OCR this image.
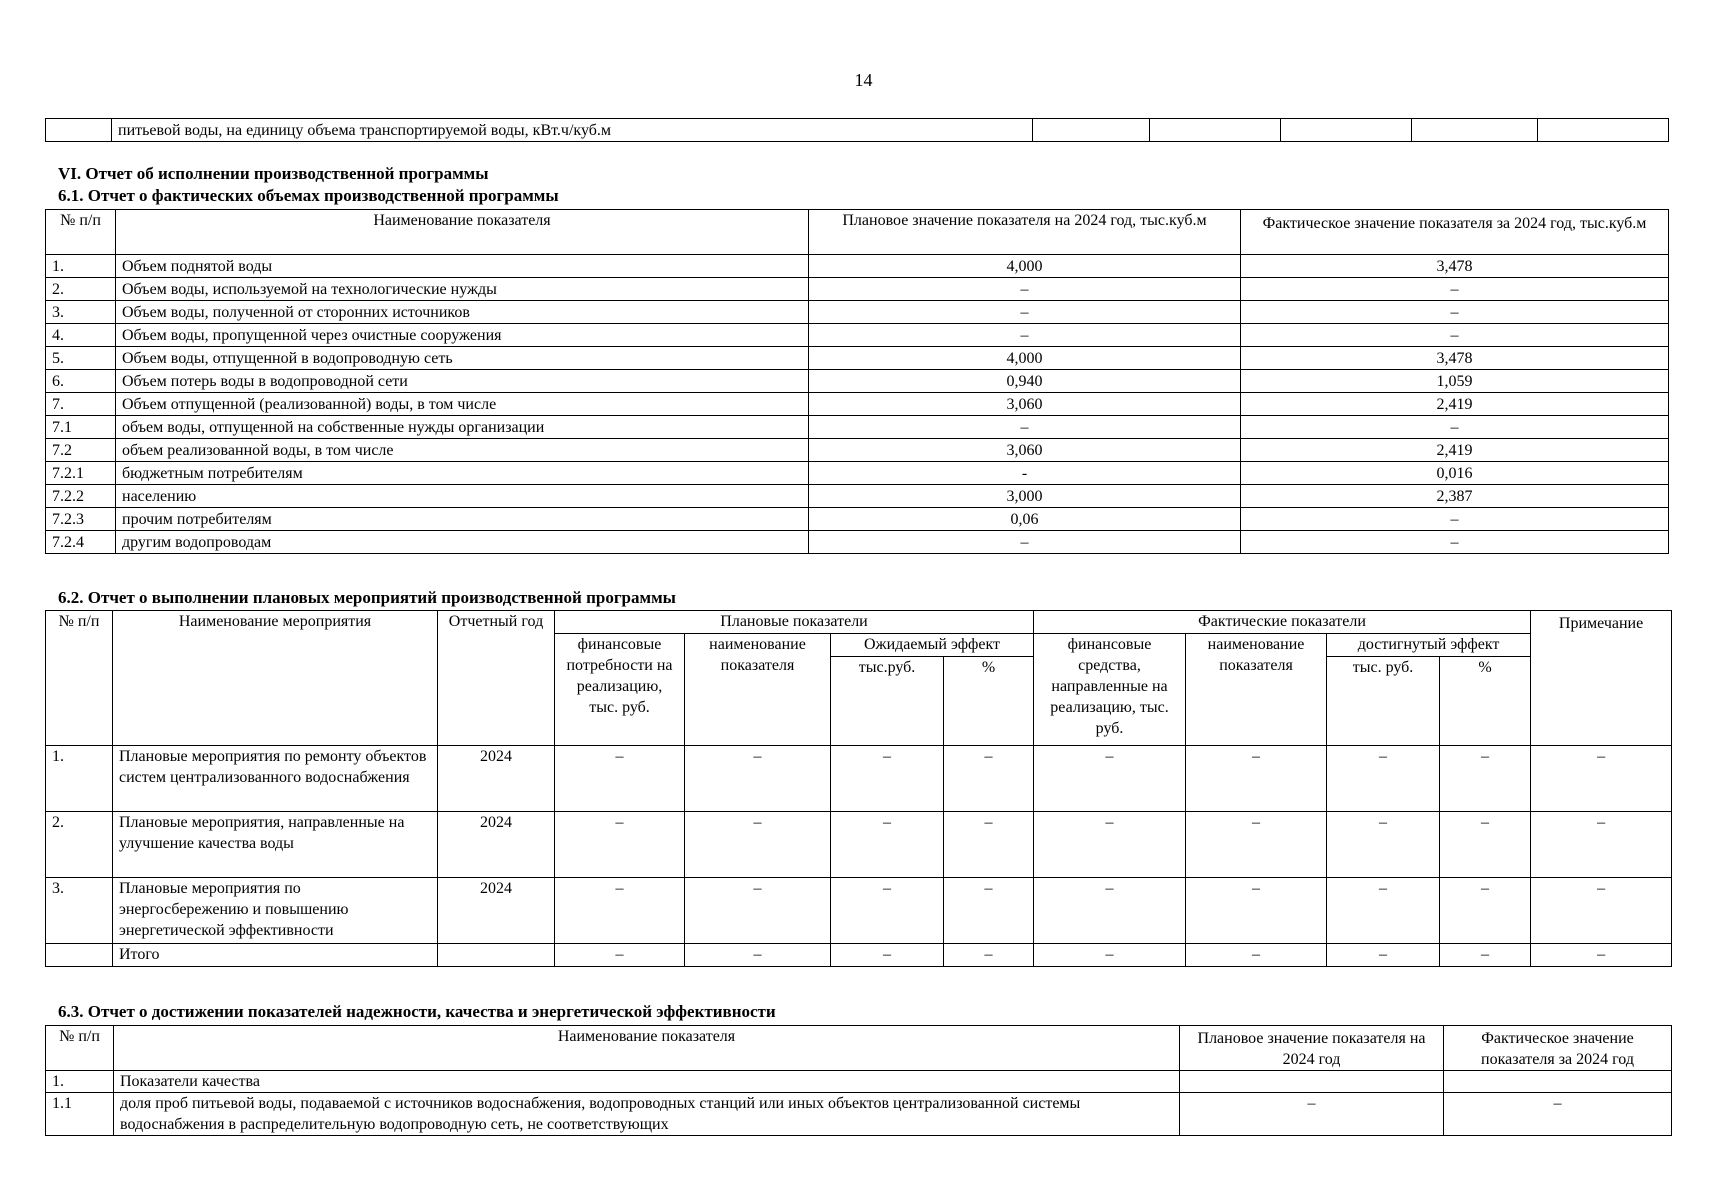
14
	питьевой воды, на единицу объема транспортируемой воды, кВт.ч/куб.м					
VI. Отчет об исполнении производственной программы
6.1. Отчет о фактических объемах производственной программы
№ п/п	Наименование показателя	Плановое значение показателя на 2024 год, тыс.куб.м	Фактическое значение показателя за 2024 год, тыс.куб.м
1.	Объем поднятой воды	4,000	3,478
2.	Объем воды, используемой на технологические нужды	–	–
3.	Объем воды, полученной от сторонних источников	–	–
4.	Объем воды, пропущенной через очистные сооружения	–	–
5.	Объем воды, отпущенной в водопроводную сеть	4,000	3,478
6.	Объем потерь воды в водопроводной сети	0,940	1,059
7.	Объем отпущенной (реализованной) воды, в том числе	3,060	2,419
7.1	объем воды, отпущенной на собственные нужды организации	–	–
7.2	объем реализованной воды, в том числе	3,060	2,419
7.2.1	бюджетным потребителям	-	0,016
7.2.2	населению	3,000	2,387
7.2.3	прочим потребителям	0,06	–
7.2.4	другим водопроводам	–	–
6.2. Отчет о выполнении плановых мероприятий производственной программы
№ п/п	Наименование мероприятия	Отчетный год	Плановые показатели				Фактические показатели				Примечание
			финансовые потребности на реализацию, тыс. руб.	наименование показателя	Ожидаемый эффект		финансовые средства, направленные на реализацию, тыс. руб.	наименование показателя	достигнутый эффект		
					тыс.руб.	%			тыс. руб.	%	
1.	Плановые мероприятия по ремонту объектов систем централизованного водоснабжения	2024	–	–	–	–	–	–	–	–	–
2.	Плановые мероприятия, направленные на улучшение качества воды	2024	–	–	–	–	–	–	–	–	–
3.	Плановые мероприятия по энергосбережению и повышению энергетической эффективности	2024	–	–	–	–	–	–	–	–	–
	Итого		–	–	–	–	–	–	–	–	–
6.3. Отчет о достижении показателей надежности, качества и энергетической эффективности
№ п/п	Наименование показателя	Плановое значение показателя на 2024 год	Фактическое значение показателя за 2024 год
1.	Показатели качества		
1.1	доля проб питьевой воды, подаваемой с источников водоснабжения, водопроводных станций или иных объектов централизованной системы водоснабжения в распределительную водопроводную сеть, не соответствующих	–	–
